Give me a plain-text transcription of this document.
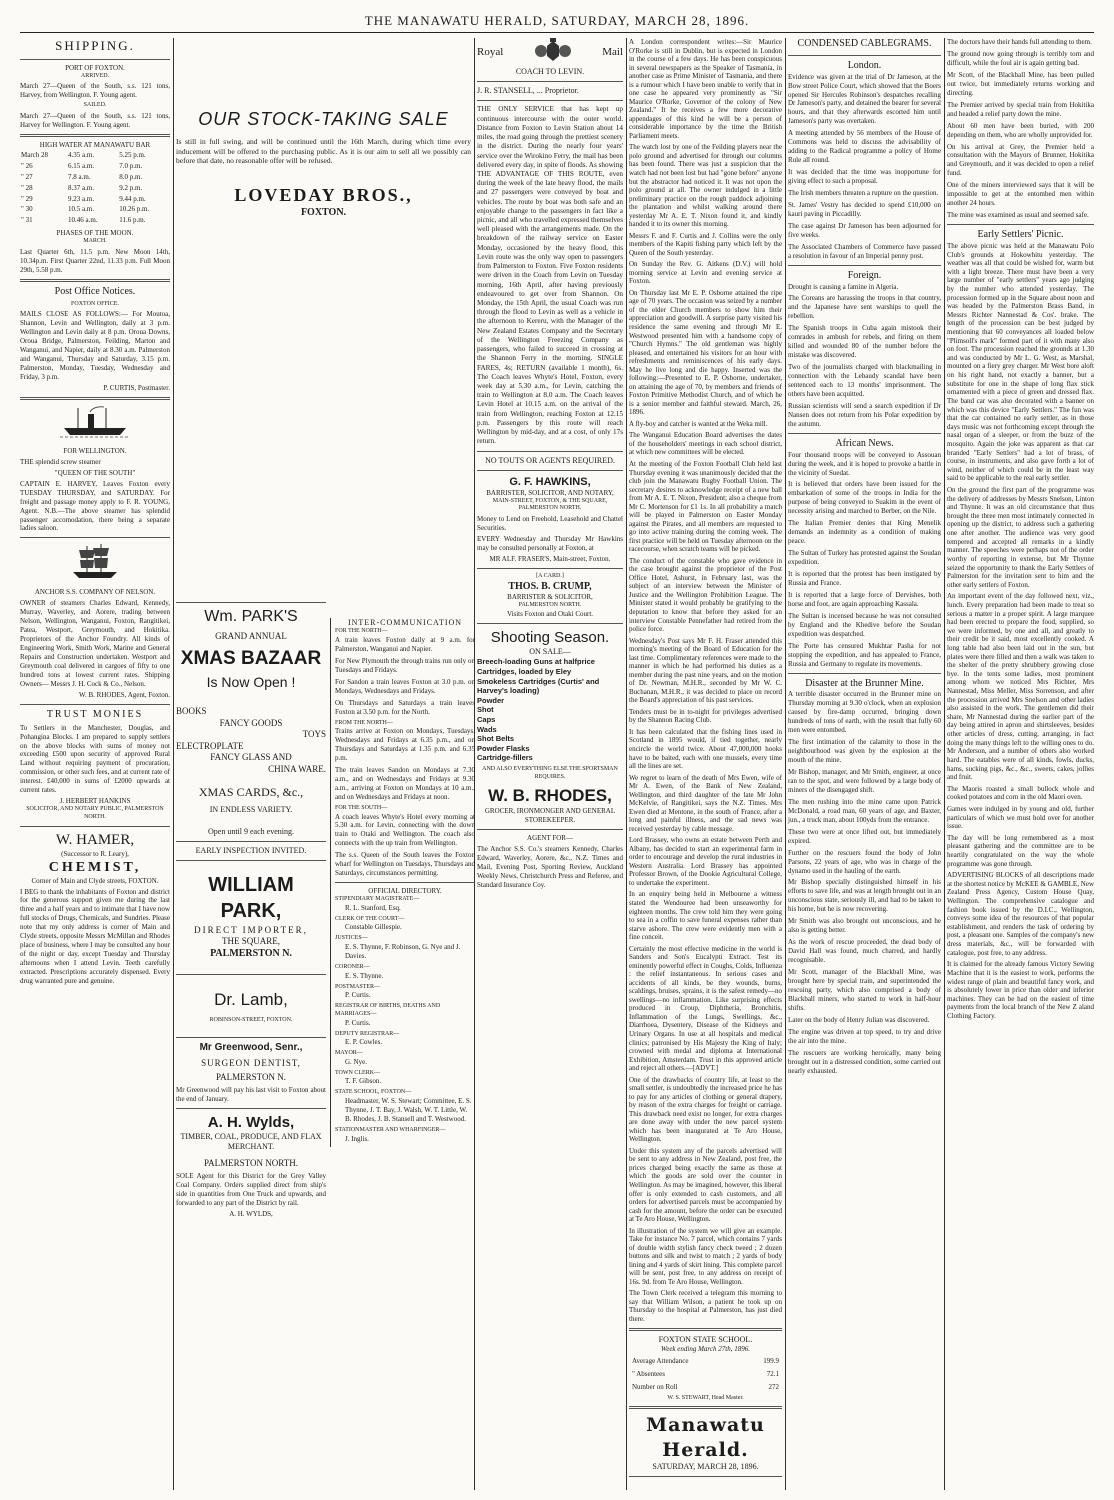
THE MANAWATU HERALD, SATURDAY, MARCH 28, 1896.
SHIPPING.
PORT OF FOXTON.
ARRIVED.

March 27—Queen of the South, s.s. 121 tons, Harvey, from Wellington. F. Young agent.

SAILED.

March 27—Queen of the South, s.s. 121 tons, Harvey for Wellington. F. Young agent.

HIGH WATER AT MANAWATU BAR
March 28	4.35 a.m.	5.25 p.m.
" 26	6.15 a.m.	7.0 p.m.
" 27	7.8 a.m.	8.0 p.m.
" 28	8.37 a.m.	9.2 p.m.
" 29	9.23 a.m.	9.44 p.m.
" 30	10.5 a.m.	10.26 p.m.
" 31	10.46 a.m.	11.6 p.m.
PHASES OF THE MOON.
MARCH.

Last Quarter 6th, 11.5 p.m. New Moon 14th, 10.34p.m. First Quarter 22nd, 11.33 p.m. Full Moon 29th, 5.58 p.m.

Post Office Notices.
FOXTON OFFICE.

MAILS CLOSE AS FOLLOWS:— For Moutoa, Shannon, Levin and Wellington, daily at 3 p.m. Wellington and Levin daily at 8 p.m. Oroua Downs, Oroua Bridge, Palmerston, Feilding, Marton and Wanganui, and Napier, daily at 8.30 a.m. Palmerston and Wanganui, Thursday and Saturday, 3.15 p.m. Palmerston, Monday, Tuesday, Wednesday and Friday, 3 p.m.

P. CURTIS, Postmaster.

FOR WELLINGTON.

THE splendid screw steamer

"QUEEN OF THE SOUTH"

CAPTAIN E. HARVEY, Leaves Foxton every TUESDAY THURSDAY, and SATURDAY. For freight and passage money apply to F. R. YOUNG, Agent. N.B.—The above steamer has splendid passenger accomodation, there being a separate ladies saloon.

ANCHOR S.S. COMPANY OF NELSON.

OWNER of steamers Charles Edward, Kennedy, Murray, Waverley, and Aorere, trading between Nelson, Wellington, Wanganui, Foxton, Rangitikei, Patea, Westport, Greymouth, and Hokitika. Proprietors of the Anchor Foundry. All kinds of Engineering Work, Smith Work, Marine and General Repairs and Construction undertaken. Westport and Greymouth coal delivered in cargoes of fifty to one hundred tons at lowest current rates. Shipping Owners— Messrs J. H. Cock & Co., Nelson.

W. B. RHODES, Agent, Foxton.

TRUST MONIES

To Settlers in the Manchester, Douglas, and Pohangina Blocks. I am prepared to supply settlers on the above blocks with sums of money not exceeding £500 upon security of approved Rural Land without requiring payment of procuration, commission, or other such fees, and at current rate of interest. £40,000 in sums of £2000 upwards at current rates.

J. HERBERT HANKINS
SOLICITOR, AND NOTARY PUBLIC, PALMERSTON NORTH.
W. HAMER,
(Successor to R. Leary),
CHEMIST,
Corner of Main and Clyde streets, FOXTON.

I BEG to thank the inhabitants of Foxton and district for the generous support given me during the last three and a half years and to intimate that I have now full stocks of Drugs, Chemicals, and Sundries. Please note that my only address is corner of Main and Clyde streets, opposite Messrs McMillan and Rhodes place of business, where I may be consulted any hour of the night or day, except Tuesday and Thursday afternoons when I attend Levin. Teeth carefully extracted. Prescriptions accurately dispensed. Every drug warranted pure and genuine.

OUR STOCK-TAKING SALE

Is still in full swing, and will be continued until the 16th March, during which time every inducement will be offered to the purchasing public. As it is our aim to sell all we possibly can before that date, no reasonable offer will be refused.

LOVEDAY BROS.,
FOXTON.
Wm. PARK'S
GRAND ANNUAL
XMAS BAZAAR
Is Now Open !
BOOKS
FANCY GOODS
TOYS
ELECTROPLATE
FANCY GLASS AND
CHINA WARE.
XMAS CARDS, &c.,
IN ENDLESS VARIETY.
Open until 9 each evening.
EARLY INSPECTION INVITED.
WILLIAM PARK,
DIRECT IMPORTER,
THE SQUARE,
PALMERSTON N.
Dr. Lamb,
ROBINSON-STREET, FOXTON.
Mr Greenwood, Senr.,
SURGEON DENTIST,
PALMERSTON N.

Mr Greenwood will pay his last visit to Foxton about the end of January.

A. H. Wylds,
TIMBER, COAL, PRODUCE, AND FLAX MERCHANT.
PALMERSTON NORTH.

SOLE Agent for this District for the Grey Valley Coal Company. Orders supplied direct from ship's side in quantities from One Truck and upwards, and forwarded to any part of the District by rail.

A. H. WYLDS,
INTER-COMMUNICATION
FOR THE NORTH—
A train leaves Foxton daily at 9 a.m. for Palmerston, Wanganui and Napier.
For New Plymouth the through trains run only on Tuesdays and Fridays.
For Sandon a train leaves Foxton at 3.0 p.m. on Mondays, Wednesdays and Fridays.
On Thursdays and Saturdays a train leaves Foxton at 3.50 p.m. for the North.
FROM THE NORTH—
Trains arrive at Foxton on Mondays, Tuesdays, Wednesdays and Fridays at 6.35 p.m., and on Thursdays and Saturdays at 1.35 p.m. and 6.35 p.m.
The train leaves Sandon on Mondays at 7.30 a.m., and on Wednesdays and Fridays at 9.30 a.m., arriving at Foxton on Mondays at 10 a.m., and on Wednesdays and Fridays at noon.
FOR THE SOUTH—
A coach leaves Whyte's Hotel every morning at 5.30 a.m. for Levin, connecting with the down train to Otaki and Wellington. The coach also connects with the up train from Wellington.
The s.s. Queen of the South leaves the Foxton wharf for Wellington on Tuesdays, Thursdays and Saturdays, circumstances permitting.
OFFICIAL DIRECTORY.
STIPENDIARY MAGISTRATE—
R. L. Stanford, Esq.
CLERK OF THE COURT—
Constable Gillespie.
JUSTICES—
E. S. Thynne, F. Robinson, G. Nye and J. Davies.
CORONER—
E. S. Thynne.
POSTMASTER—
P. Curtis.
REGISTRAR OF BIRTHS, DEATHS AND MARRIAGES—
P. Curtis.
DEPUTY REGISTRAR—
E. P. Cowles.
MAYOR—
G. Nye.
TOWN CLERK—
T. F. Gibson.
STATE SCHOOL, FOXTON—
Headmaster, W. S. Stewart; Committee, E. S. Thynne, J. T. Bay, J. Walsh, W. T. Little, W. B. Rhodes, J. B. Stansell and T. Westwood.
STATIONMASTER AND WHARFINGER—
J. Inglis.
Royal	Mail
COACH TO LEVIN.
J. R. STANSELL, ... Proprietor.

THE ONLY SERVICE that has kept up continuous intercourse with the outer world. Distance from Foxton to Levin Station about 14 miles, the road going through the prettiest scenery in the district. During the nearly four years' service over the Wirokino Ferry, the mail has been delivered every day, in spite of floods. As showing THE ADVANTAGE OF THIS ROUTE, even during the week of the late heavy flood, the mails and 27 passengers were conveyed by boat and vehicles. The route by boat was both safe and an enjoyable change to the passengers in fact like a picnic, and all who travelled expressed themselves well pleased with the arrangements made. On the breakdown of the railway service on Easter Monday, occasioned by the heavy flood, this Levin route was the only way open to passengers from Palmerston to Foxton. Five Foxton residents were driven in the Coach from Levin on Tuesday morning, 16th April, after having previously endeavoured to get over from Shannon. On Monday, the 15th April, the usual Coach was run through the flood to Levin as well as a vehicle in the afternoon to Kereru, with the Manager of the New Zealand Estates Company and the Secretary of the Wellington Freezing Company as passengers, who failed to succeed in crossing at the Shannon Ferry in the morning. SINGLE FARES, 4s; RETURN (available 1 month), 6s. The Coach leaves Whyte's Hotel, Foxton, every week day at 5.30 a.m., for Levin, catching the train to Wellington at 8.0 a.m. The Coach leaves Levin Hotel at 10.15 a.m. on the arrival of the train from Wellington, reaching Foxton at 12.15 p.m. Passengers by this route will reach Wellington by mid-day, and at a cost, of only 17s return.

NO TOUTS OR AGENTS REQUIRED.
G. F. HAWKINS,
BARRISTER, SOLICITOR, AND NOTARY,
MAIN-STREET, FOXTON, & THE SQUARE, PALMERSTON NORTH.

Money to Lend on Freehold, Leasehold and Chattel Securities.

EVERY Wednesday and Thursday Mr Hawkins may be consulted personally at Foxton, at

MR ALF. FRASER'S, Main-street, Foxton.
[A CARD.]
THOS. B. CRUMP,
BARRISTER & SOLICITOR,
PALMERSTON NORTH.
Visits Foxton and Otaki Court.
Shooting Season.
ON SALE—
Breech-loading Guns at halfprice
Cartridges, loaded by Eley
Smokeless Cartridges (Curtis' and Harvey's loading)
Powder
Shot
Caps
Wads
Shot Belts
Powder Flasks
Cartridge-fillers
AND ALSO EVERYTHING ELSE THE SPORTSMAN REQUIRES.
W. B. RHODES,
GROCER, IRONMONGER AND GENERAL STOREKEEPER.
AGENT FOR—

The Anchor S.S. Co.'s steamers Kennedy, Charles Edward, Waverley, Aorere, &c., N.Z. Times and Mail, Evening Post, Sporting Review, Auckland Weekly News, Christchurch Press and Referee, and Standard Insurance Coy.

A London correspondent writes:—Sir Maurice O'Rorke is still in Dublin, but is expected in London in the course of a few days. He has been conspicuous in several newspapers as the Speaker of Tasmania, in another case as Prime Minister of Tasmania, and there is a rumour which I have been unable to verify that in one case he appeared very prominently as "Sir Maurice O'Rorke, Governor of the colony of New Zealand." It he receives a few more decorative appendages of this kind he will be a person of considerable importance by the time the British Parliament meets.
The watch lost by one of the Feilding players near the polo ground and advertised for through our columns has been found. There was just a suspicion that the watch had not been lost but had "gone before" anyone but the abstractor had noticed it. It was not upon the polo ground at all. The owner indulged in a little preliminary practice on the rough paddock adjoining the plantation and whilst walking around there yesterday Mr A. E. T. Nixon found it, and kindly handed it to its owner this morning.
Messrs F. and F. Curtis and J. Collins were the only members of the Kapiti fishing party which left by the Queen of the South yesterday.
On Sunday the Rev. G. Aitkens (D.V.) will hold morning service at Levin and evening service at Foxton.
On Thursday last Mr E. P. Osborne attained the ripe age of 70 years. The occasion was seized by a number of the elder Church members to show him their appreciation and goodwill. A surprise party visited his residence the same evening and through Mr E. Westwood presented him with a handsome copy of "Church Hymns." The old gentleman was highly pleased, and entertained his visitors for an hour with refreshments and reminiscences of his early days. May he live long and die happy. Inserted was the following:—Presented to E. P. Osborne, undertaker, on attaining the age of 70, by members and friends of Foxton Primitive Methodist Church, and of which he is a senior member and faithful steward. March, 26, 1896.
A fly-boy and catcher is wanted at the Weka mill.
The Wanganui Education Board advertises the dates of the householders' meetings in each school district, at which new committees will be elected.
At the meeting of the Foxton Football Club held last Thursday evening it was unanimously decided that the club join the Manawatu Rugby Football Union. The secretary desires to acknowledge receipt of a new ball from Mr A. E. T. Nixon, President; also a cheque from Mr C. Mortenson for £1 1s. In all probability a match will be played in Palmerston on Easter Monday against the Pirates, and all members are requested to go into active training during the coming week. The first practice will be held on Tuesday afternoon on the racecourse, when scratch teams will be picked.
The conduct of the constable who gave evidence in the case brought against the proprietor of the Post Office Hotel, Ashurst, in February last, was the subject of an interview between the Minister of Justice and the Wellington Prohibition League. The Minister stated it would probably be gratifying to the deputation to know that before they asked for an interview Constable Pennefather had retired from the police force.
Wednesday's Post says Mr F. H. Fraser attended this morning's meeting of the Board of Education for the last time. Complimentary references were made to the manner in which he had performed his duties as a member during the past nine years, and on the motion of Dr. Newman, M.H.R., seconded by Mr W. C. Buchanan, M.H.R., it was decided to place on record the Board's appreciation of his past services.
Tenders must be in to-night for privileges advertised by the Shannon Racing Club.
It has been calculated that the fishing lines used in Scotland in 1895 would, if tied together, nearly encircle the world twice. About 47,000,000 hooks have to be baited, each with one mussels, every time all the lines are set.
We regret to learn of the death of Mrs Ewen, wife of Mr A. Ewen, of the Bank of New Zealand, Wellington, and third daughter of the late Mr John McKelvie, of Rangitikei, says the N.Z. Times. Mrs Ewen died at Mentone, in the south of France, after a long and painful illness, and the sad news was received yesterday by cable message.
Lord Brassey, who owns an estate between Perth and Albany, has decided to start an experimental farm in order to encourage and develop the rural industries in Western Australia. Lord Brassey has appointed Professor Brown, of the Dookie Agricultural College, to undertake the experiment.
In an enquiry being held in Melbourne a witness stated the Wendouree had been unseaworthy for eighteen months. The crew told him they were going to sea in a coffin to save funeral expenses rather than starve ashore. The crew were evidently men with a fine conceit.
Certainly the most effective medicine in the world is Sanders and Son's Eucalypti Extract. Test its eminently powerful effect in Coughs, Colds, Influenza : the relief instantaneous. In serious cases and accidents of all kinds, be they wounds, burns, scaldings, bruises, sprains, it is the safest remedy—no swellings—no inflammation. Like surprising effects produced in Croup, Diphtheria, Bronchitis, Inflammation of the Lungs, Swellings, &c., Diarrhoea, Dysentery, Disease of the Kidneys and Urinary Organs. In use at all hospitals and medical clinics; patronised by His Majesty the King of Italy; crowned with medal and diploma at International Exhibition, Amsterdam. Trust in this approved article and reject all others.—[ADVT.]
One of the drawbacks of country life, at least to the small settler, is undoubtedly the increased price he has to pay for any articles of clothing or general drapery, by reason of the extra charges for freight or carriage. This drawback need exist no longer, for extra charges are done away with under the new parcel system which has been inaugurated at Te Aro House, Wellington.
Under this system any of the parcels advertised will be sent to any address in New Zealand, post free, the prices charged being exactly the same as those at which the goods are sold over the counter in Wellington. As may be imagined, however, this liberal offer is only extended to cash customers, and all orders for advertised parcels must be accompanied by cash for the amount, before the order can be executed at Te Aro House, Wellington.
In illustration of the system we will give an example. Take for instance No. 7 parcel, which contains 7 yards of double width stylish fancy check tweed ; 2 dozen buttons and silk and twist to match ; 2 yards of body lining and 4 yards of skirt lining. This complete parcel will be sent, post free, to any address on receipt of 16s. 9d. from Te Aro House, Wellington.
The Town Clerk received a telegram this morning to say that William Wilson, a patient he took up on Thursday to the hospital at Palmerston, has just died there.
FOXTON STATE SCHOOL.
Week ending March 27th, 1896.
Average Attendance	199.9
" Absentees	72.1
Number on Roll	272
W. S. STEWART, Head Master.
Manawatu Herald.
SATURDAY, MARCH 28, 1896.
CONDENSED CABLEGRAMS.
London.
Evidence was given at the trial of Dr Jameson, at the Bow street Police Court, which showed that the Boers opened Sir Hercules Robinson's despatches recalling Dr Jameson's party, and detained the bearer for several hours, and that they afterwards escorted him until Jameson's party was overtaken.
A meeting attended by 56 members of the House of Commons was held to discuss the advisability of adding to the Radical programme a policy of Home Rule all round.
It was decided that the time was inopportune for giving effect to such a proposal.
The Irish members threaten a rupture on the question.
St. James' Vestry has decided to spend £10,000 on kauri paving in Piccadilly.
The case against Dr Jameson has been adjourned for five weeks.
The Associated Chambers of Commerce have passed a resolution in favour of an Imperial penny post.
Foreign.
Drought is causing a famine in Algeria.
The Coreans are harassing the troops in that country, and the Japanese have sent warships to quell the rebellion.
The Spanish troops in Cuba again mistook their comrades in ambush for rebels, and firing on them killed and wounded 80 of the number before the mistake was discovered.
Two of the journalists charged with blackmailing in connection with the Lebaudy scandal have been sentenced each to 13 months' imprisonment. The others have been acquitted.
Russian scientists will send a search expedition if Dr Nansen does not return from his Polar expedition by the autumn.
African News.
Four thousand troops will be conveyed to Assouan during the week, and it is hoped to provoke a battle in the vicinity of Suedat.
It is believed that orders have been issued for the embarkation of some of the troops in India for the purpose of being conveyed to Suakim in the event of necessity arising and marched to Berber, on the Nile.
The Italian Premier denies that King Menelik demands an indemnity as a condition of making peace.
The Sultan of Turkey has protested against the Soudan expedition.
It is reported that the protest has been instigated by Russia and France.
It is reported that a large force of Dervishes, both horse and foot, are again approaching Kassala.
The Sultan is incensed because he was not consulted by England and the Khedive before the Soudan expedition was despatched.
The Porte has censured Mukhtar Pasha for not stopping the expedition, and has appealed to France, Russia and Germany to regulate its movements.
Disaster at the Brunner Mine.
A terrible disaster occurred in the Brunner mine on Thursday morning at 9.30 o'clock, when an explosion caused by fire-damp occurred, bringing down hundreds of tons of earth, with the result that fully 60 men were entombed.
The first intimation of the calamity to those in the neighbourhood was given by the explosion at the mouth of the mine.
Mr Bishop, manager, and Mr Smith, engineer, at once ran to the spot, and were followed by a large body of miners of the disengaged shift.
The men rushing into the mine came upon Patrick McDonald, a road man, 60 years of age, and Baxter, jun., a truck man, about 100yds from the entrance.
These two were at once lifted out, but immediately expired.
Further on the rescuers found the body of John Parsons, 22 years of age, who was in charge of the dynamo used in the hauling of the earth.
Mr Bishop specially distinguished himself in his efforts to save life, and was at length brought out in an unconscious state, seriously ill, and had to be taken to his home, but he is now recovering.
Mr Smith was also brought out unconscious, and he also is getting better.
As the work of rescue proceeded, the dead body of David Hall was found, much charred, and hardly recognisable.
Mr Scott, manager of the Blackball Mine, was brought here by special train, and superintended the rescuing party, which also comprised a body of Blackball miners, who started to work in half-hour shifts.
Later on the body of Henry Julian was discovered.
The engine was driven at top speed, to try and drive the air into the mine.
The rescuers are working heroically, many being brought out in a distressed condition, some carried out nearly exhausted.
The doctors have their hands full attending to them.
The ground now going through is terribly torn and difficult, while the foul air is again getting bad.
Mr Scott, of the Blackball Mine, has been pulled out twice, but immediately returns working and directing.
The Premier arrived by special train from Hokitika and headed a relief party down the mine.
About 60 men have been buried, with 200 depending on them, who are wholly unprovided for.
On his arrival at Grey, the Premier held a consultation with the Mayors of Brunner, Hokitika and Greymouth, and it was decided to open a relief fund.
One of the miners interviewed says that it will be impossible to get at the entombed men within another 24 hours.
The mine was examined as usual and seemed safe.
Early Settlers' Picnic.
The above picnic was held at the Manawatu Polo Club's grounds at Hokowhitu yesterday. The weather was all that could be wished for, warm but with a light breeze. There must have been a very large number of "early settlers" years ago judging by the number who attended yesterday. The procession formed up in the Square about noon and was headed by the Palmerston Brass Band, in Messrs Richter Nannestad & Cos'. brake. The length of the procession can be best judged by mentioning that 60 conveyances all loaded below "Plimsoll's mark" formed part of it with many also on foot. The procession reached the grounds at 1.30 and was conducted by Mr L. G. West, as Marshal, mounted on a fiery grey charger. Mr West bore aloft on his right hand, not exactly a banner, but a substitute for one in the shape of long flax stick ornamented with a piece of green and dressed flax. The band car was also decorated with a banner on which was this device "Early Settlers." The fun was that the car contained no early settler, as in those days music was not forthcoming except through the nasal organ of a sleeper, or from the buzz of the mosquito. Again the joke was apparent as that car branded "Early Settlers" had a lot of brass, of course, in instruments, and also gave forth a lot of wind, neither of which could be in the least way said to be applicable to the real early settler.
On the ground the first part of the programme was the delivery of addresses by Messrs Snelson, Linton and Thynne. It was an old circumstance that thus brought the three men most intimately connected in opening up the district, to address such a gathering one after another. The audience was very good tempered and accepted all remarks in a kindly manner. The speeches were perhaps not of the order worthy of reporting in extense, but Mr Thynne seized the opportunity to thank the Early Settlers of Palmerston for the invitation sent to him and the other early settlers of Foxton.
An important event of the day followed next, viz., lunch. Every preparation had been made to treat so serious a matter in a proper spirit. A large marquee had been erected to prepare the food, supplied, so we were informed, by one and all, and greatly to their credit be it said, most excellently cooked. A long table had also been laid out in the sun, but plates were there filled and then a walk was taken to the shelter of the pretty shrubbery growing close bye. In the tents some ladies, most prominent among whom we noticed Mrs Richter, Mrs Nannestad, Miss Meller, Miss Sorrenson, and after the procession arrived Mrs Snelson and other ladies also assisted in the work. The gentlemen did their share, Mr Nannestad during the earlier part of the day being attired in apron and shirtsleeves, besides other articles of dress, cutting, arranging, in fact doing the many things left to the willing ones to do. Mr Anderson, and a number of others also worked hard. The eatables were of all kinds, fowls, ducks, hams, sucking pigs, &c., &c., sweets, cakes, jollies and fruit.
The Maoris roasted a small bullock whole and cooked potatoes and corn in the old Maori oven.
Games were indulged in by young and old, further particulars of which we must hold over for another issue.
The day will be long remembered as a most pleasant gathering and the committee are to be heartily congratulated on the way the whole programme was gone through.
ADVERTISING BLOCKS of all descriptions made at the shortest notice by McKEE & GAMBLE, New Zealand Press Agency, Custom House Quay, Wellington. The comprehensive catalogue and fashion book issued by the D.I.C., Wellington, conveys some idea of the resources of that popular establishment, and renders the task of ordering by post, a pleasant one. Samples of the company's new dress materials, &c., will be forwarded with catalogue, post free, to any address.
It is claimed for the already famous Victory Sewing Machine that it is the easiest to work, performs the widest range of plain and beautiful fancy work, and is absolutely lower in price than older and inferior machines. They can be had on the easiest of time payments from the local branch of the New Z aland Clothing Factory.
